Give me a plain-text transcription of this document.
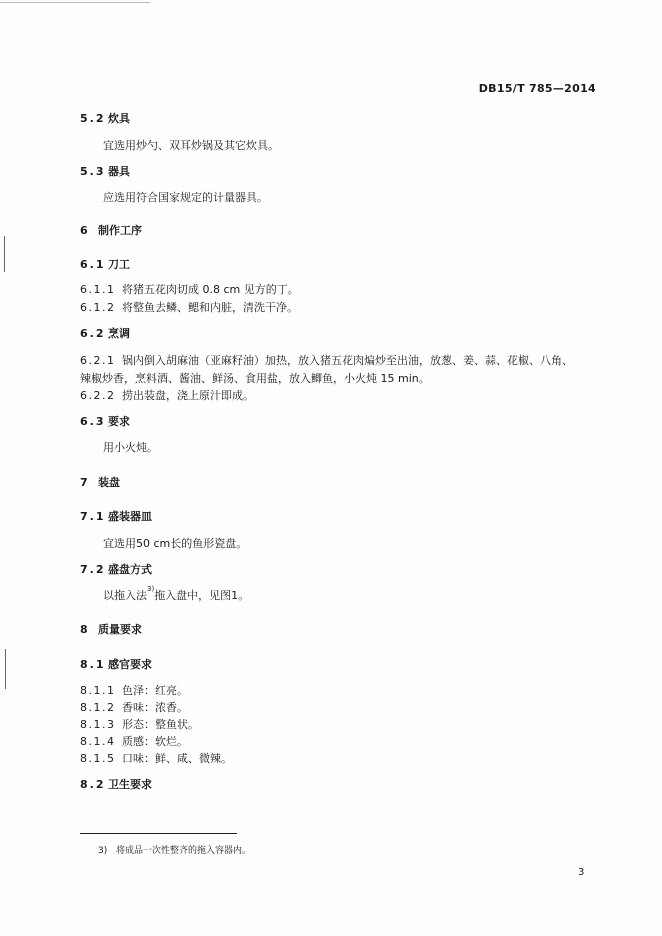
DB15/T 785—2014
5.2 炊具
宜选用炒勺、双耳炒锅及其它炊具。
5.3 器具
应选用符合国家规定的计量器具。
6 制作工序
6.1 刀工
6.1.1 将猪五花肉切成 0.8 cm 见方的丁。
6.1.2 将整鱼去鳞、鳃和内脏，清洗干净。
6.2 烹调
6.2.1 锅内倒入胡麻油（亚麻籽油）加热，放入猪五花肉煸炒至出油，放葱、姜、蒜、花椒、八角、
辣椒炒香，烹料酒、酱油、鲜汤、食用盐，放入鲫鱼，小火炖 15 min。
6.2.2 捞出装盘，浇上原汁即成。
6.3 要求
用小火炖。
7 装盘
7.1 盛装器皿
宜选用50 cm长的鱼形瓷盘。
7.2 盛盘方式
以拖入法$^{3)}$拖入盘中，见图1。
8 质量要求
8.1 感官要求
8.1.1 色泽：红亮。
8.1.2 香味：浓香。
8.1.3 形态：整鱼状。
8.1.4 质感：软烂。
8.1.5 口味：鲜、咸、微辣。
8.2 卫生要求
3) 将成品一次性整齐的拖入容器内。
3
